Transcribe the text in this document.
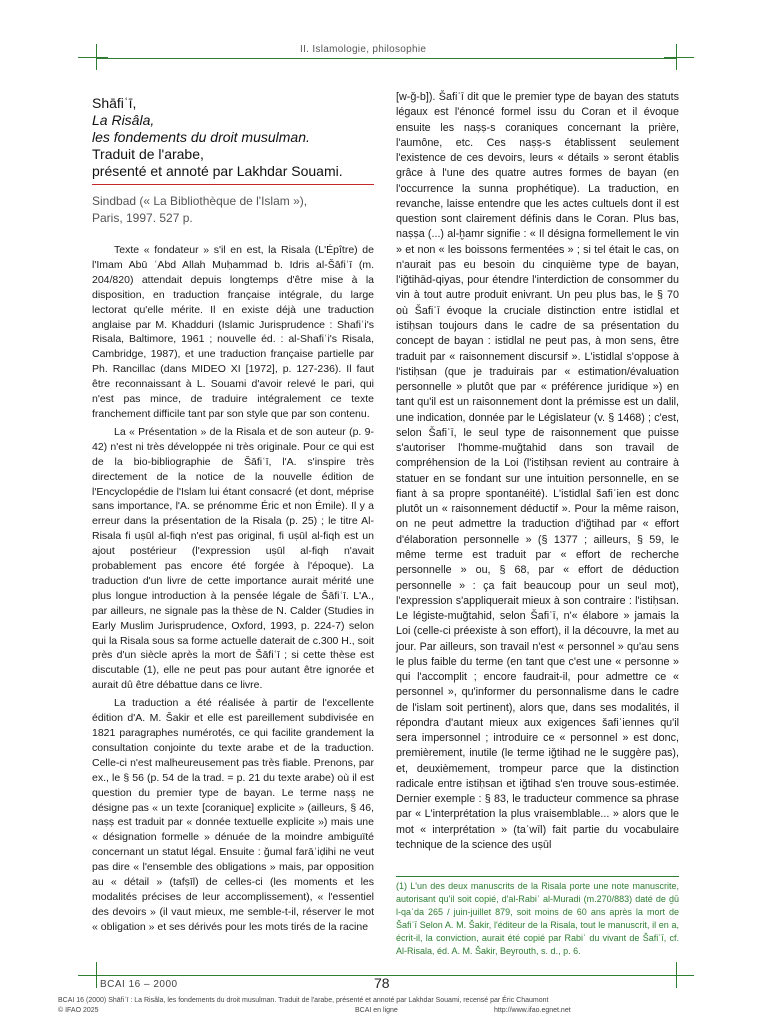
II. Islamologie, philosophie
Shāfiʿī,
La Risâla,
les fondements du droit musulman.
Traduit de l'arabe,
présenté et annoté par Lakhdar Souami.
Sindbad (« La Bibliothèque de l'Islam »),
Paris, 1997. 527 p.

Texte « fondateur » s'il en est, la Risala (L'Épître) de l'Imam Abū ʿAbd Allah Muḥammad b. Idris al-Šāfiʿī (m. 204/820) attendait depuis longtemps d'être mise à la disposition, en traduction française intégrale, du large lectorat qu'elle mérite. Il en existe déjà une traduction anglaise par M. Khadduri (Islamic Jurisprudence : Shafiʿi's Risala, Baltimore, 1961 ; nouvelle éd. : al-Shafiʿi's Risala, Cambridge, 1987), et une traduction française partielle par Ph. Rancillac (dans MIDEO XI [1972], p. 127-236). Il faut être reconnaissant à L. Souami d'avoir relevé le pari, qui n'est pas mince, de traduire intégralement ce texte franchement difficile tant par son style que par son contenu.

La « Présentation » de la Risala et de son auteur (p. 9-42) n'est ni très développée ni très originale. Pour ce qui est de la bio-bibliographie de Šāfiʿī, l'A. s'inspire très directement de la notice de la nouvelle édition de l'Encyclopédie de l'Islam lui étant consacré (et dont, méprise sans importance, l'A. se prénomme Éric et non Émile). Il y a erreur dans la présentation de la Risala (p. 25) ; le titre Al-Risala fi uṣūl al-fiqh n'est pas original, fi uṣūl al-fiqh est un ajout postérieur (l'expression uṣūl al-fiqh n'avait probablement pas encore été forgée à l'époque). La traduction d'un livre de cette importance aurait mérité une plus longue introduction à la pensée légale de Šāfiʿī. L'A., par ailleurs, ne signale pas la thèse de N. Calder (Studies in Early Muslim Jurisprudence, Oxford, 1993, p. 224-7) selon qui la Risala sous sa forme actuelle daterait de c.300 H., soit près d'un siècle après la mort de Šāfiʿī ; si cette thèse est discutable (1), elle ne peut pas pour autant être ignorée et aurait dû être débattue dans ce livre.

La traduction a été réalisée à partir de l'excellente édition d'A. M. Šakir et elle est pareillement subdivisée en 1821 paragraphes numérotés, ce qui facilite grandement la consultation conjointe du texte arabe et de la traduction. Celle-ci n'est malheureusement pas très fiable. Prenons, par ex., le § 56 (p. 54 de la trad. = p. 21 du texte arabe) où il est question du premier type de bayan. Le terme naṣṣ ne désigne pas « un texte [coranique] explicite » (ailleurs, § 46, naṣṣ est traduit par « donnée textuelle explicite ») mais une « désignation formelle » dénuée de la moindre ambiguïté concernant un statut légal. Ensuite : ǧumal farāʾiḍihi ne veut pas dire « l'ensemble des obligations » mais, par opposition au « détail » (tafṣīl) de celles-ci (les moments et les modalités précises de leur accomplissement), « l'essentiel des devoirs » (il vaut mieux, me semble-t-il, réserver le mot « obligation » et ses dérivés pour les mots tirés de la racine

[w-ǧ-b]). Šafiʿī dit que le premier type de bayan des statuts légaux est l'énoncé formel issu du Coran et il évoque ensuite les naṣṣ-s coraniques concernant la prière, l'aumône, etc. Ces naṣṣ-s établissent seulement l'existence de ces devoirs, leurs « détails » seront établis grâce à l'une des quatre autres formes de bayan (en l'occurrence la sunna prophétique). La traduction, en revanche, laisse entendre que les actes cultuels dont il est question sont clairement définis dans le Coran. Plus bas, naṣṣa (...) al-ḫamr signifie : « Il désigna formellement le vin » et non « les boissons fermentées » ; si tel était le cas, on n'aurait pas eu besoin du cinquième type de bayan, l'iǧtihād-qiyas, pour étendre l'interdiction de consommer du vin à tout autre produit enivrant. Un peu plus bas, le § 70 où Šafiʿī évoque la cruciale distinction entre istidlal et istiḥsan toujours dans le cadre de sa présentation du concept de bayan : istidlal ne peut pas, à mon sens, être traduit par « raisonnement discursif ». L'istidlal s'oppose à l'istiḥsan (que je traduirais par « estimation/évaluation personnelle » plutôt que par « préférence juridique ») en tant qu'il est un raisonnement dont la prémisse est un dalil, une indication, donnée par le Législateur (v. § 1468) ; c'est, selon Šafiʿī, le seul type de raisonnement que puisse s'autoriser l'homme-muǧtahid dans son travail de compréhension de la Loi (l'istiḥsan revient au contraire à statuer en se fondant sur une intuition personnelle, en se fiant à sa propre spontanéité). L'istidlal šafiʿien est donc plutôt un « raisonnement déductif ». Pour la même raison, on ne peut admettre la traduction d'iǧtihad par « effort d'élaboration personnelle » (§ 1377 ; ailleurs, § 59, le même terme est traduit par « effort de recherche personnelle » ou, § 68, par « effort de déduction personnelle » : ça fait beaucoup pour un seul mot), l'expression s'appliquerait mieux à son contraire : l'istiḥsan. Le légiste-muǧtahid, selon Šafiʿī, n'« élabore » jamais la Loi (celle-ci préexiste à son effort), il la découvre, la met au jour. Par ailleurs, son travail n'est « personnel » qu'au sens le plus faible du terme (en tant que c'est une « personne » qui l'accomplit ; encore faudrait-il, pour admettre ce « personnel », qu'informer du personnalisme dans le cadre de l'islam soit pertinent), alors que, dans ses modalités, il répondra d'autant mieux aux exigences šafiʿiennes qu'il sera impersonnel ; introduire ce « personnel » est donc, premièrement, inutile (le terme iǧtihad ne le suggère pas), et, deuxièmement, trompeur parce que la distinction radicale entre istiḥsan et iǧtihad s'en trouve sous-estimée. Dernier exemple : § 83, le traducteur commence sa phrase par « L'interprétation la plus vraisemblable... » alors que le mot « interprétation » (taʾwīl) fait partie du vocabulaire technique de la science des uṣūl

(1) L'un des deux manuscrits de la Risala porte une note manuscrite, autorisant qu'il soit copié, d'al-Rabiʿ al-Muradi (m.270/883) daté de ḏū l-qaʿda 265 / juin-juillet 879, soit moins de 60 ans après la mort de Šafiʿī Selon A. M. Šakir, l'éditeur de la Risala, tout le manuscrit, il en a, écrit-il, la conviction, aurait été copié par Rabiʿ du vivant de Šafiʿī, cf. Al-Risala, éd. A. M. Šakir, Beyrouth, s. d., p. 6.
BCAI 16 – 2000	78
BCAI 16 (2000) Shāfiʿī : La Risâla, les fondements du droit musulman. Traduit de l'arabe, présenté et annoté par Lakhdar Souami, recensé par Éric Chaumont
© IFAO 2025	BCAI en ligne	http://www.ifao.egnet.net
